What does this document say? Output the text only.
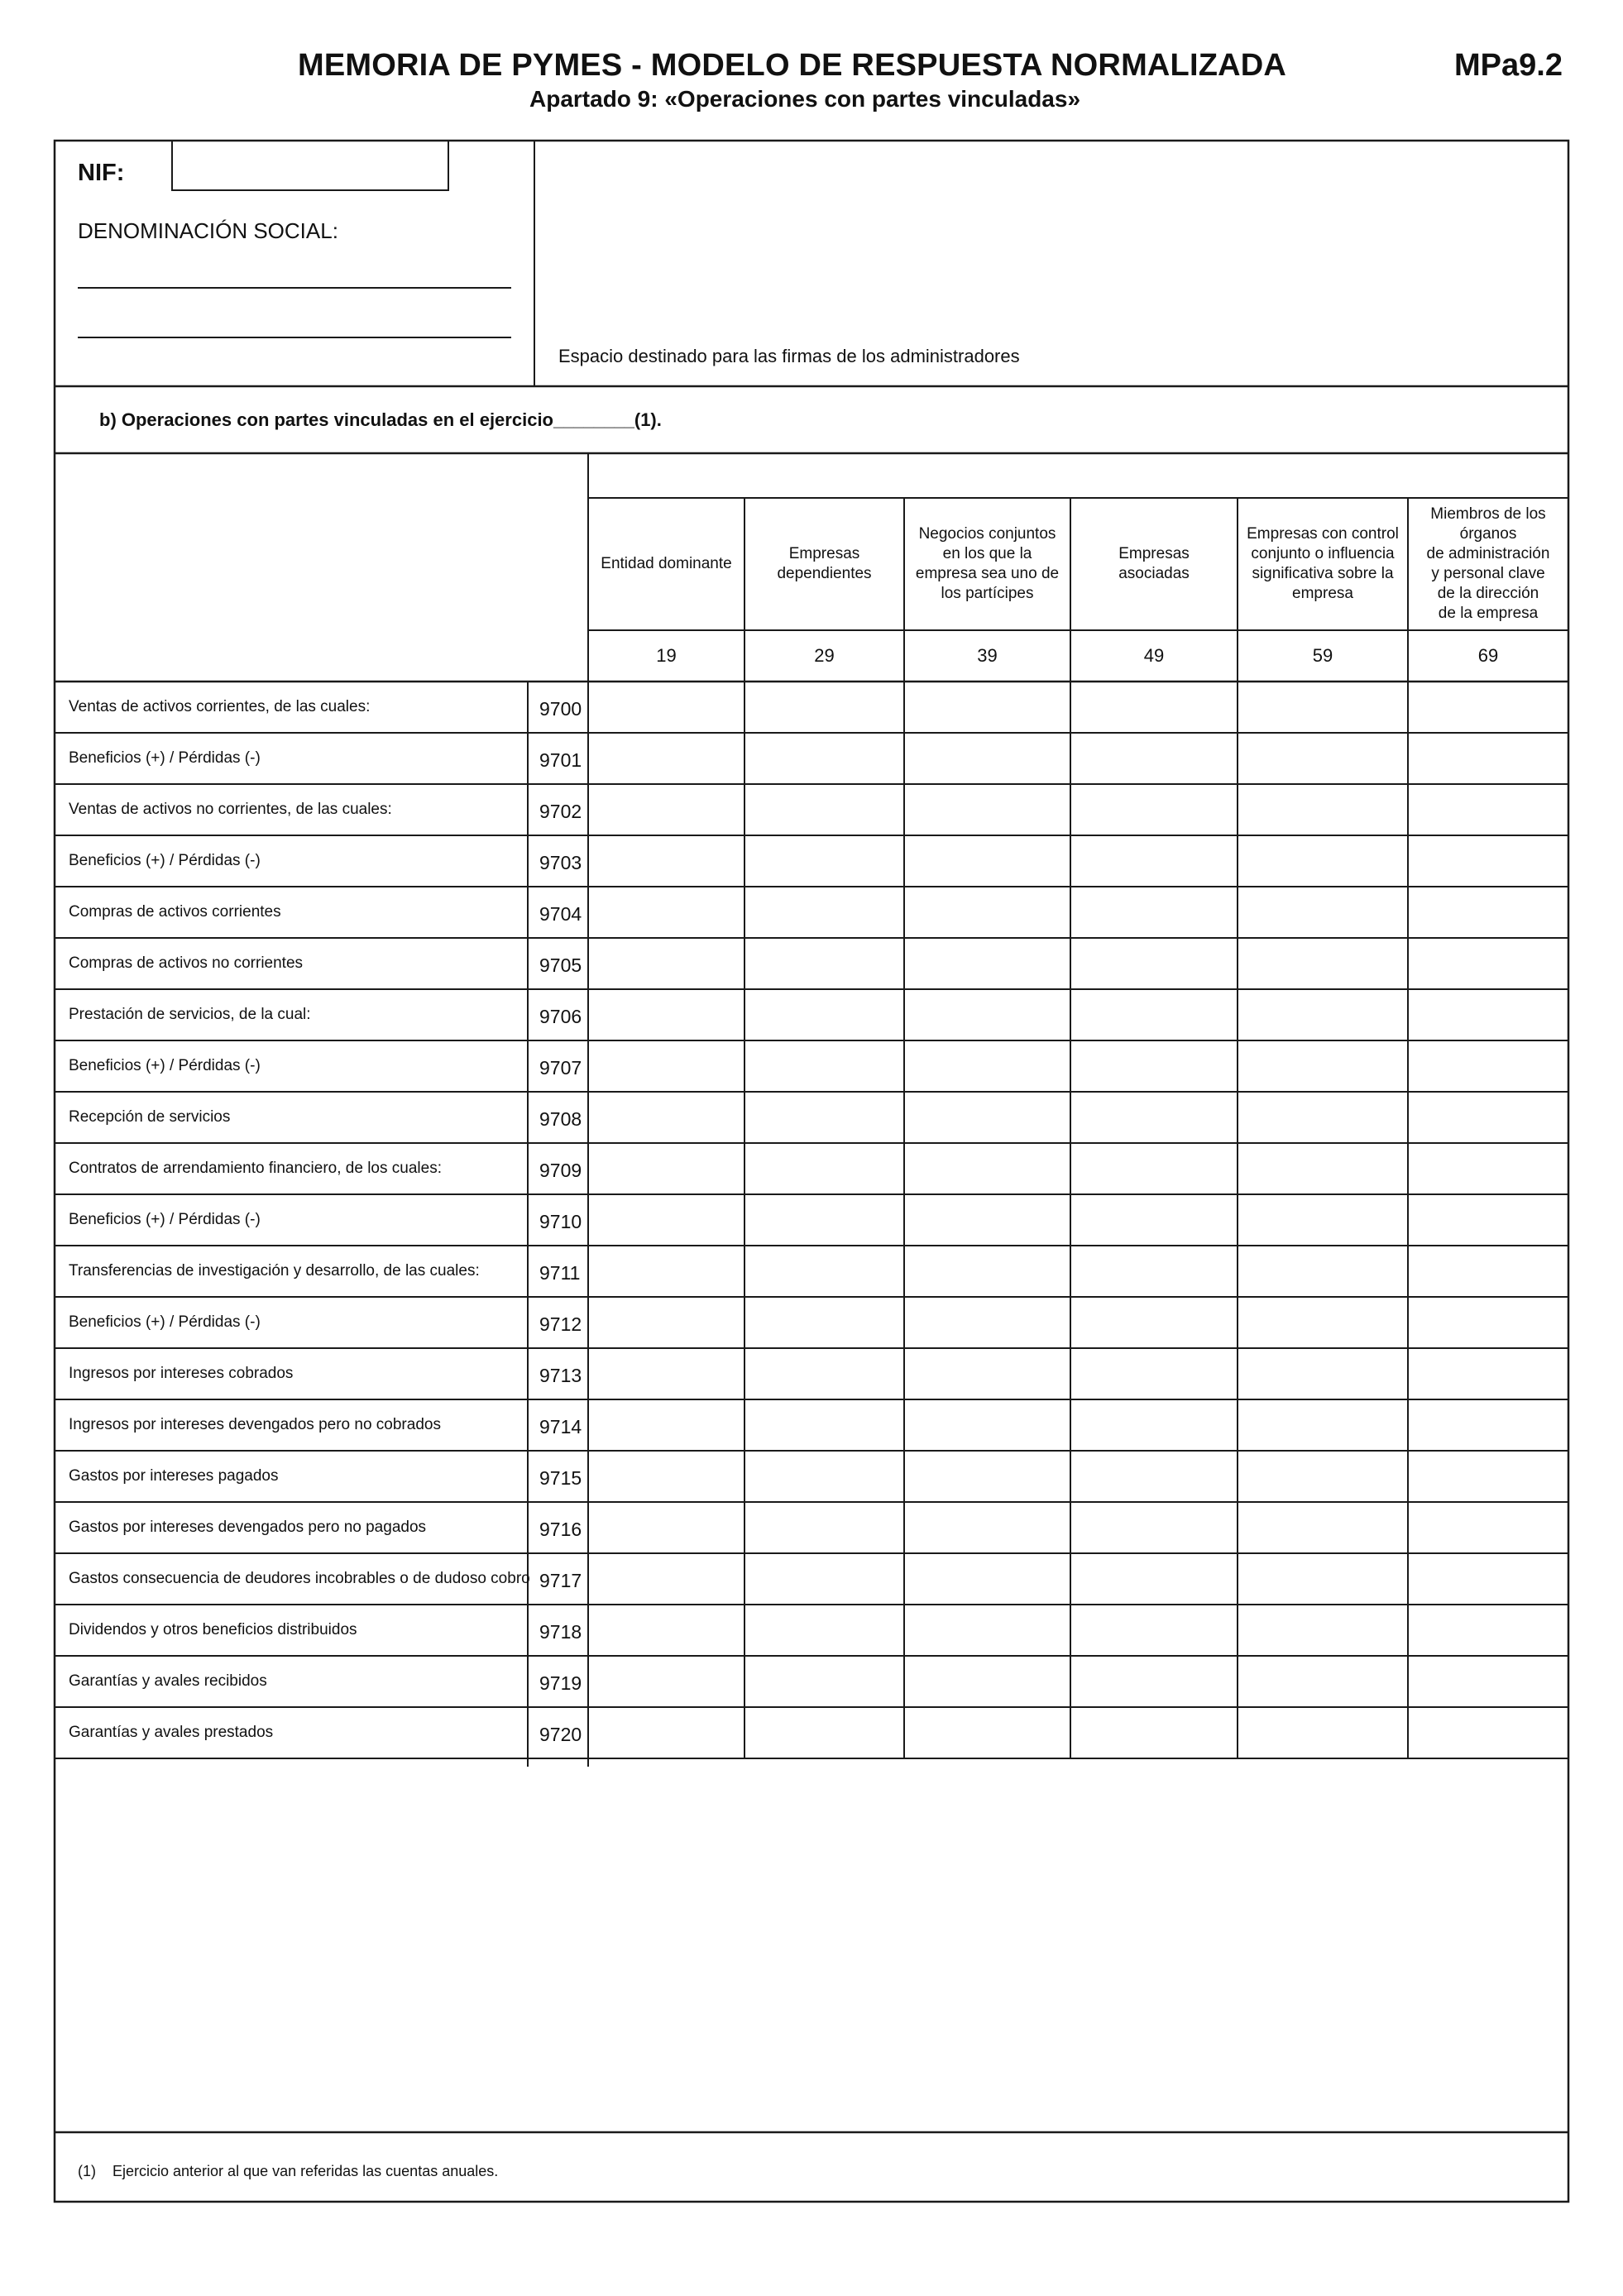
MEMORIA DE PYMES - MODELO DE RESPUESTA NORMALIZADA	MPa9.2
Apartado 9: «Operaciones con partes vinculadas»
NIF:
DENOMINACIÓN SOCIAL:
Espacio destinado para las firmas de los administradores
b) Operaciones con partes vinculadas en el ejercicio________(1).
Entidad dominante
19
Empresas
dependientes
29
Negocios conjuntos
en los que la
empresa sea uno de
los partícipes
39
Empresas
asociadas
49
Empresas con control
conjunto o influencia
significativa sobre la
empresa
59
Miembros de los
órganos
de administración
y personal clave
de la dirección
de la empresa
69
Ventas de activos corrientes, de las cuales:	9700
Beneficios (+) / Pérdidas (-)	9701
Ventas de activos no corrientes, de las cuales:	9702
Beneficios (+) / Pérdidas (-)	9703
Compras de activos corrientes	9704
Compras de activos no corrientes	9705
Prestación de servicios, de la cual:	9706
Beneficios (+) / Pérdidas (-)	9707
Recepción de servicios	9708
Contratos de arrendamiento financiero, de los cuales:	9709
Beneficios (+) / Pérdidas (-)	9710
Transferencias de investigación y desarrollo, de las cuales:	9711
Beneficios (+) / Pérdidas (-)	9712
Ingresos por intereses cobrados	9713
Ingresos por intereses devengados pero no cobrados	9714
Gastos por intereses pagados	9715
Gastos por intereses devengados pero no pagados	9716
Gastos consecuencia de deudores incobrables o de dudoso cobro 9717
Dividendos y otros beneficios distribuidos	9718
Garantías y avales recibidos	9719
Garantías y avales prestados	9720
(1) Ejercicio anterior al que van referidas las cuentas anuales.
